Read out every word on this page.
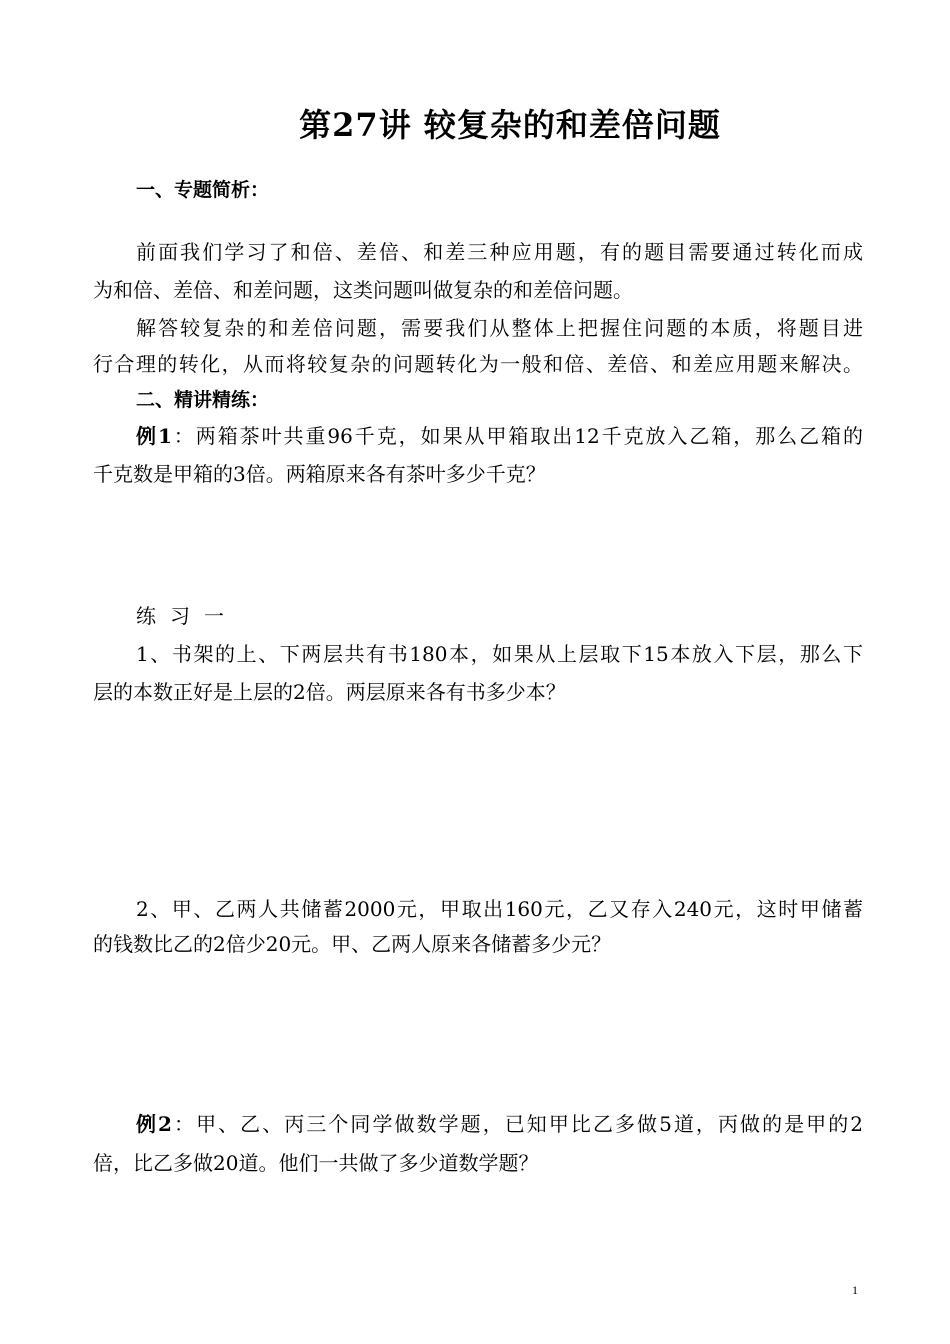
第27讲 较复杂的和差倍问题
一、专题简析：
前面我们学习了和倍、差倍、和差三种应用题，有的题目需要通过转化而成
为和倍、差倍、和差问题，这类问题叫做复杂的和差倍问题。
解答较复杂的和差倍问题，需要我们从整体上把握住问题的本质，将题目进
行合理的转化，从而将较复杂的问题转化为一般和倍、差倍、和差应用题来解决。
二、精讲精练：
例1：两箱茶叶共重96千克，如果从甲箱取出12千克放入乙箱，那么乙箱的
千克数是甲箱的3倍。两箱原来各有茶叶多少千克？
练习一
1、书架的上、下两层共有书180本，如果从上层取下15本放入下层，那么下
层的本数正好是上层的2倍。两层原来各有书多少本？
2、甲、乙两人共储蓄2000元，甲取出160元，乙又存入240元，这时甲储蓄
的钱数比乙的2倍少20元。甲、乙两人原来各储蓄多少元？
例2：甲、乙、丙三个同学做数学题，已知甲比乙多做5道，丙做的是甲的2
倍，比乙多做20道。他们一共做了多少道数学题？
1
